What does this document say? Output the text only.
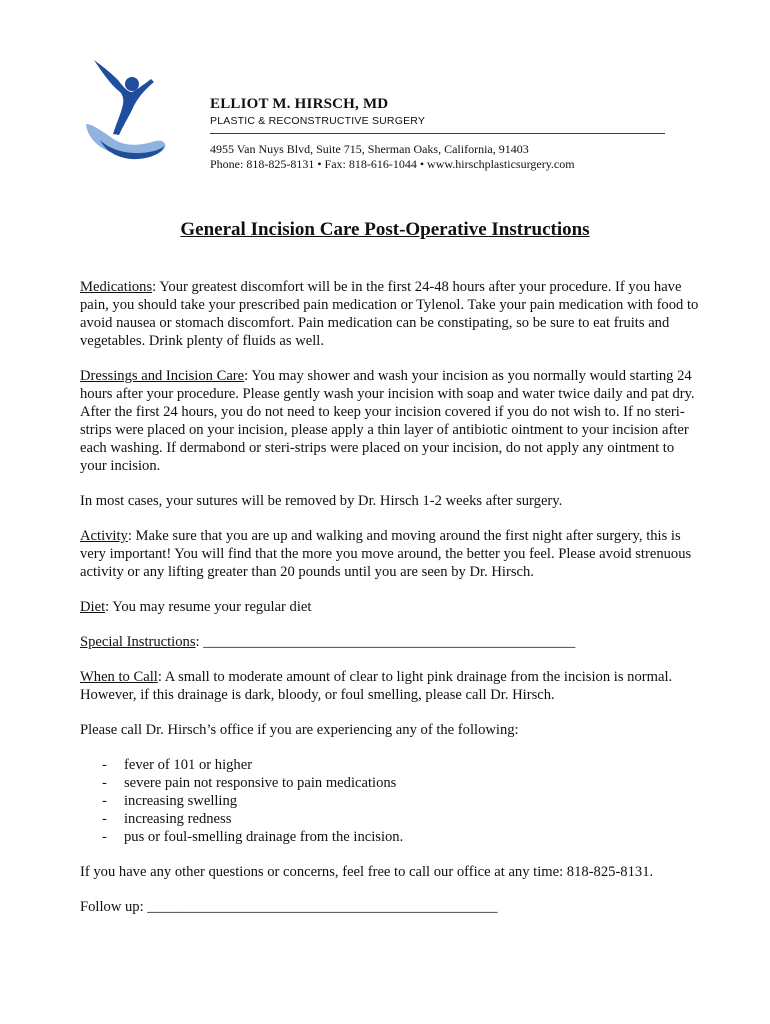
ELLIOT M. HIRSCH, MD
PLASTIC & RECONSTRUCTIVE SURGERY
4955 Van Nuys Blvd, Suite 715, Sherman Oaks, California, 91403
Phone: 818-825-8131 • Fax: 818-616-1044 • www.hirschplasticsurgery.com
General Incision Care Post-Operative Instructions

Medications: Your greatest discomfort will be in the first 24-48 hours after your procedure. If you have pain, you should take your prescribed pain medication or Tylenol. Take your pain medication with food to avoid nausea or stomach discomfort. Pain medication can be constipating, so be sure to eat fruits and vegetables. Drink plenty of fluids as well.

Dressings and Incision Care: You may shower and wash your incision as you normally would starting 24 hours after your procedure. Please gently wash your incision with soap and water twice daily and pat dry. After the first 24 hours, you do not need to keep your incision covered if you do not wish to. If no steri-strips were placed on your incision, please apply a thin layer of antibiotic ointment to your incision after each washing. If dermabond or steri-strips were placed on your incision, do not apply any ointment to your incision.

In most cases, your sutures will be removed by Dr. Hirsch 1-2 weeks after surgery.

Activity: Make sure that you are up and walking and moving around the first night after surgery, this is very important! You will find that the more you move around, the better you feel. Please avoid strenuous activity or any lifting greater than 20 pounds until you are seen by Dr. Hirsch.

Diet: You may resume your regular diet

Special Instructions: ___________________________________________________

When to Call: A small to moderate amount of clear to light pink drainage from the incision is normal. However, if this drainage is dark, bloody, or foul smelling, please call Dr. Hirsch.

Please call Dr. Hirsch’s office if you are experiencing any of the following:

- fever of 101 or higher
- severe pain not responsive to pain medications
- increasing swelling
- increasing redness
- pus or foul-smelling drainage from the incision.

If you have any other questions or concerns, feel free to call our office at any time: 818-825-8131.

Follow up: ________________________________________________
